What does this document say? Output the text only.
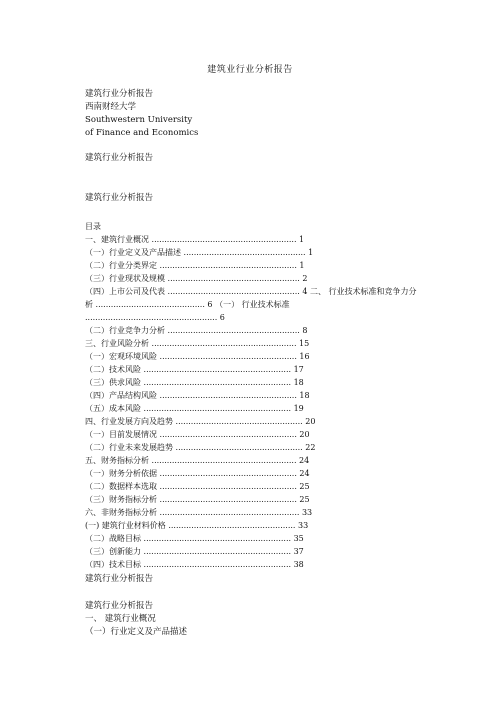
建筑业行业分析报告
建筑行业分析报告
西南财经大学
Southwestern University
of Finance and Economics
建筑行业分析报告
建筑行业分析报告
目录
一、建筑行业概况 ......................................................... 1
（一）行业定义及产品描述 ................................................ 1
（二）行业分类界定 ...................................................... 1
（三）行业现状及规模 .................................................... 2
（四）上市公司及代表 .................................................... 4 二、 行业技术标准和竞争力分析 ........................................... 6 （一） 行业技术标准 .................................................... 6
（二）行业竞争力分析 .................................................... 8
三、行业风险分析 ......................................................... 15
（一）宏观环境风险 ...................................................... 16
（二）技术风险 .......................................................... 17
（三）供求风险 .......................................................... 18
（四）产品结构风险 ...................................................... 18
（五）成本风险 .......................................................... 19
四、行业发展方向及趋势 .................................................. 20
（一）目前发展情况 ...................................................... 20
（二）行业未来发展趋势 .................................................. 22
五、财务指标分析 ......................................................... 24
（一）财务分析依据 ...................................................... 24
（二）数据样本选取 ...................................................... 25
（三）财务指标分析 ...................................................... 25
六、非财务指标分析 ....................................................... 33
(一) 建筑行业材料价格 .................................................. 33
（二）战略目标 .......................................................... 35
（三）创新能力 .......................................................... 37
（四）技术目标 .......................................................... 38
建筑行业分析报告
建筑行业分析报告
一、 建筑行业概况
（一）行业定义及产品描述
